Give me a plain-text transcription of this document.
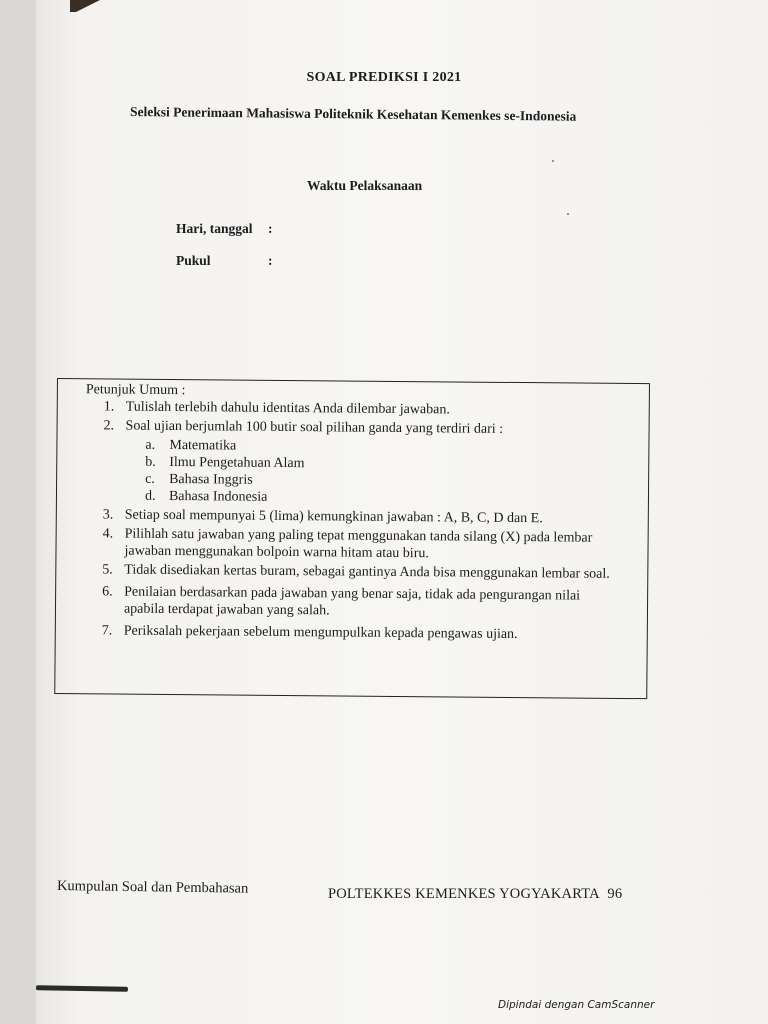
SOAL PREDIKSI I 2021
Seleksi Penerimaan Mahasiswa Politeknik Kesehatan Kemenkes se-Indonesia
Waktu Pelaksanaan
Hari, tanggal :
Pukul	:
Petunjuk Umum :
1. Tulislah terlebih dahulu identitas Anda dilembar jawaban.
2. Soal ujian berjumlah 100 butir soal pilihan ganda yang terdiri dari :
a. Matematika
b. Ilmu Pengetahuan Alam
c. Bahasa Inggris
d. Bahasa Indonesia
3. Setiap soal mempunyai 5 (lima) kemungkinan jawaban : A, B, C, D dan E.
4. Pilihlah satu jawaban yang paling tepat menggunakan tanda silang (X) pada lembar jawaban menggunakan bolpoin warna hitam atau biru.
5. Tidak disediakan kertas buram, sebagai gantinya Anda bisa menggunakan lembar soal.
6. Penilaian berdasarkan pada jawaban yang benar saja, tidak ada pengurangan nilai apabila terdapat jawaban yang salah.
7. Periksalah pekerjaan sebelum mengumpulkan kepada pengawas ujian.
Kumpulan Soal dan Pembahasan	POLTEKKES KEMENKES YOGYAKARTA 96
Dipindai dengan CamScanner
